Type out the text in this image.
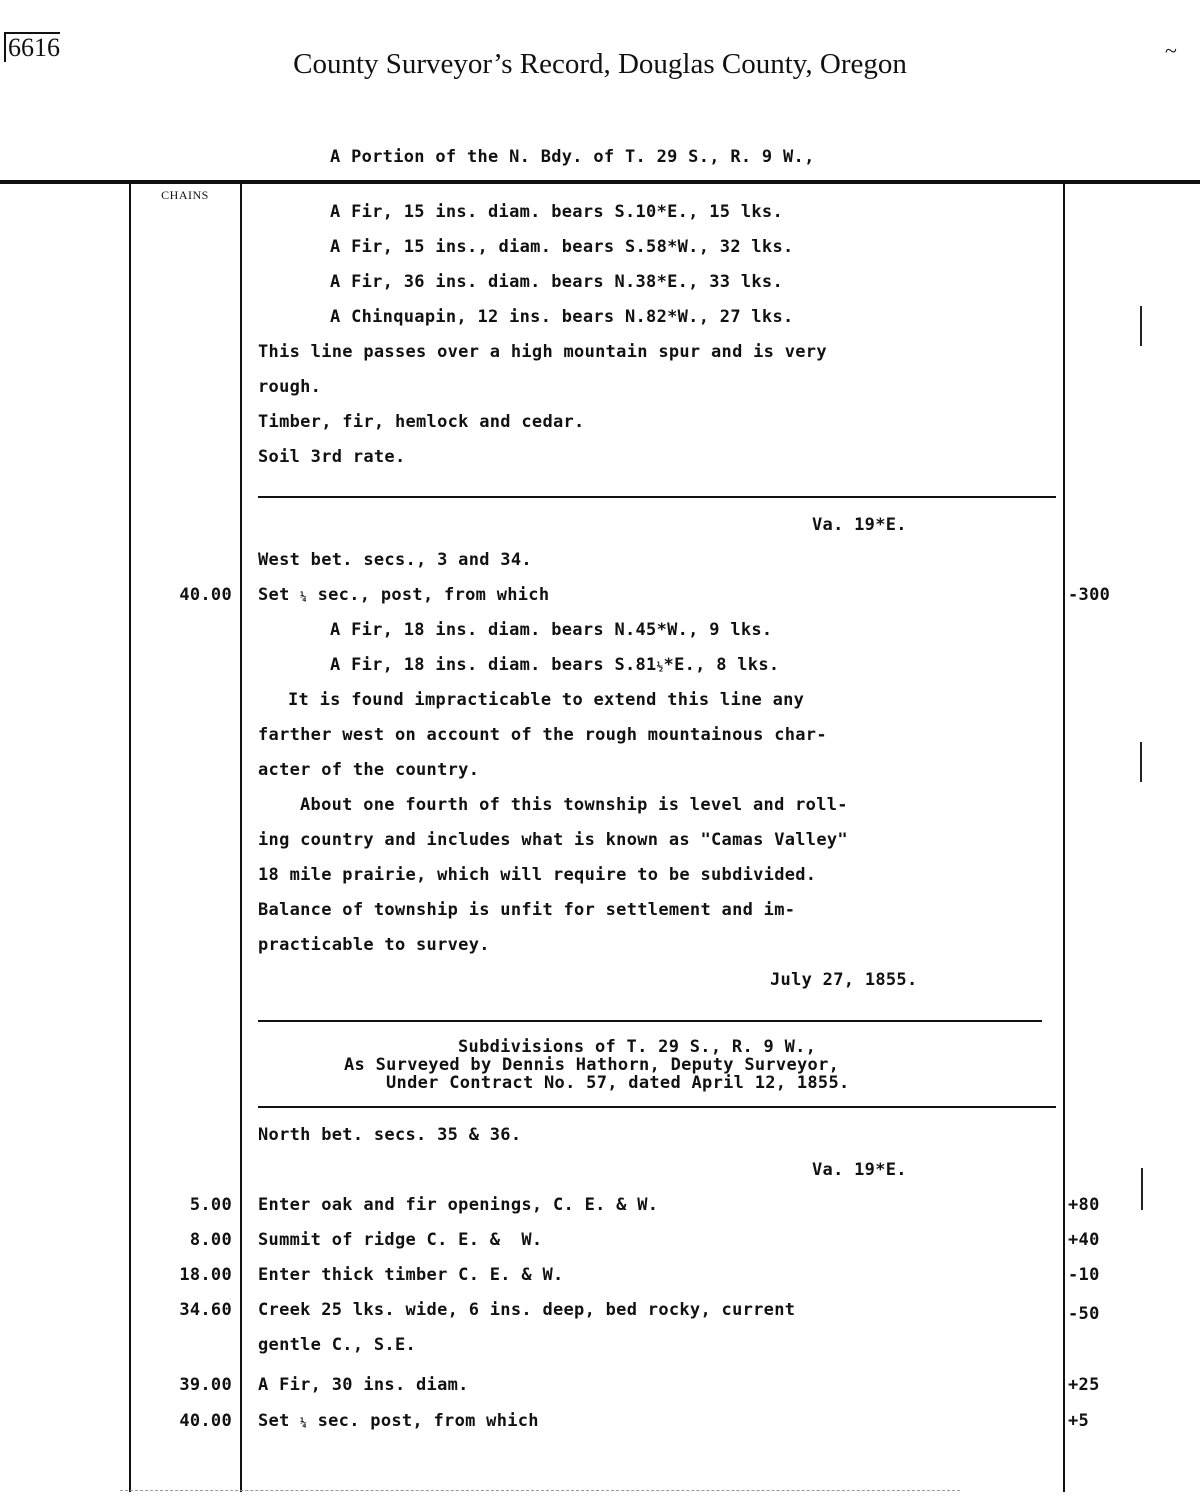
6616
County Surveyor’s Record, Douglas County, Oregon	~
A Portion of the N. Bdy. of T. 29 S., R. 9 W.,
CHAINS
A Fir, 15 ins. diam. bears S.10*E., 15 lks.
A Fir, 15 ins., diam. bears S.58*W., 32 lks.
A Fir, 36 ins. diam. bears N.38*E., 33 lks.
A Chinquapin, 12 ins. bears N.82*W., 27 lks.
This line passes over a high mountain spur and is very
rough.
Timber, fir, hemlock and cedar.
Soil 3rd rate.
Va. 19*E.
West bet. secs., 3 and 34.
40.00 Set ¼ sec., post, from which	-300
A Fir, 18 ins. diam. bears N.45*W., 9 lks.
A Fir, 18 ins. diam. bears S.81½*E., 8 lks.
It is found impracticable to extend this line any
farther west on account of the rough mountainous char-
acter of the country.
About one fourth of this township is level and roll-
ing country and includes what is known as "Camas Valley"
18 mile prairie, which will require to be subdivided.
Balance of township is unfit for settlement and im-
practicable to survey.
July 27, 1855.
Subdivisions of T. 29 S., R. 9 W.,
As Surveyed by Dennis Hathorn, Deputy Surveyor,
Under Contract No. 57, dated April 12, 1855.
North bet. secs. 35 & 36.
Va. 19*E.
5.00 Enter oak and fir openings, C. E. & W.	+80
8.00 Summit of ridge C. E. &  W.	+40
18.00 Enter thick timber C. E. & W.	-10
34.60 Creek 25 lks. wide, 6 ins. deep, bed rocky, current	-50
gentle C., S.E.
39.00 A Fir, 30 ins. diam.	+25
40.00 Set ¼ sec. post, from which	+5
